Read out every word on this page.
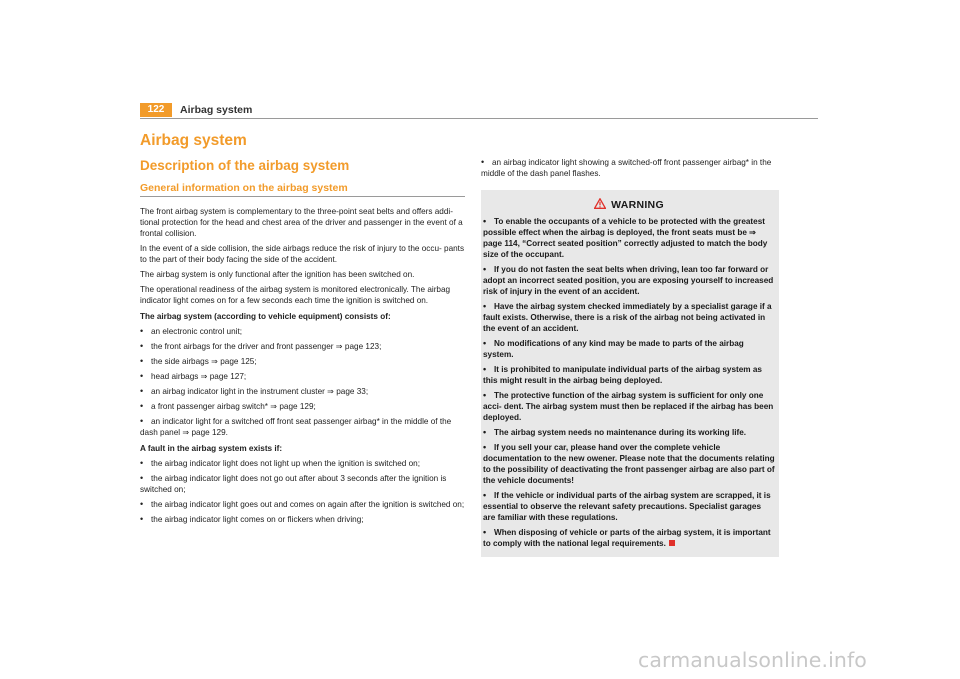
122	Airbag system
Airbag system
Description of the airbag system
General information on the airbag system
The front airbag system is complementary to the three-point seat belts and offers addi- tional protection for the head and chest area of the driver and passenger in the event of a frontal collision.
In the event of a side collision, the side airbags reduce the risk of injury to the occu- pants to the part of their body facing the side of the accident.
The airbag system is only functional after the ignition has been switched on.
The operational readiness of the airbag system is monitored electronically. The airbag indicator light comes on for a few seconds each time the ignition is switched on.
The airbag system (according to vehicle equipment) consists of:
• an electronic control unit;
• the front airbags for the driver and front passenger ⇒ page 123;
• the side airbags ⇒ page 125;
• head airbags ⇒ page 127;
• an airbag indicator light in the instrument cluster ⇒ page 33;
• a front passenger airbag switch* ⇒ page 129;
• an indicator light for a switched off front seat passenger airbag* in the middle of the dash panel ⇒ page 129.
A fault in the airbag system exists if:
• the airbag indicator light does not light up when the ignition is switched on;
• the airbag indicator light does not go out after about 3 seconds after the ignition is switched on;
• the airbag indicator light goes out and comes on again after the ignition is switched on;
• the airbag indicator light comes on or flickers when driving;
• an airbag indicator light showing a switched-off front passenger airbag* in the middle of the dash panel flashes.
WARNING
• To enable the occupants of a vehicle to be protected with the greatest possible effect when the airbag is deployed, the front seats must be ⇒ page 114, “Correct seated position” correctly adjusted to match the body size of the occupant.
• If you do not fasten the seat belts when driving, lean too far forward or adopt an incorrect seated position, you are exposing yourself to increased risk of injury in the event of an accident.
• Have the airbag system checked immediately by a specialist garage if a fault exists. Otherwise, there is a risk of the airbag not being activated in the event of an accident.
• No modifications of any kind may be made to parts of the airbag system.
• It is prohibited to manipulate individual parts of the airbag system as this might result in the airbag being deployed.
• The protective function of the airbag system is sufficient for only one acci- dent. The airbag system must then be replaced if the airbag has been deployed.
• The airbag system needs no maintenance during its working life.
• If you sell your car, please hand over the complete vehicle documentation to the new owener. Please note that the documents relating to the possibility of deactivating the front passenger airbag are also part of the vehicle documents!
• If the vehicle or individual parts of the airbag system are scrapped, it is essential to observe the relevant safety precautions. Specialist garages are familiar with these regulations.
• When disposing of vehicle or parts of the airbag system, it is important to comply with the national legal requirements.
carmanualsonline.info
